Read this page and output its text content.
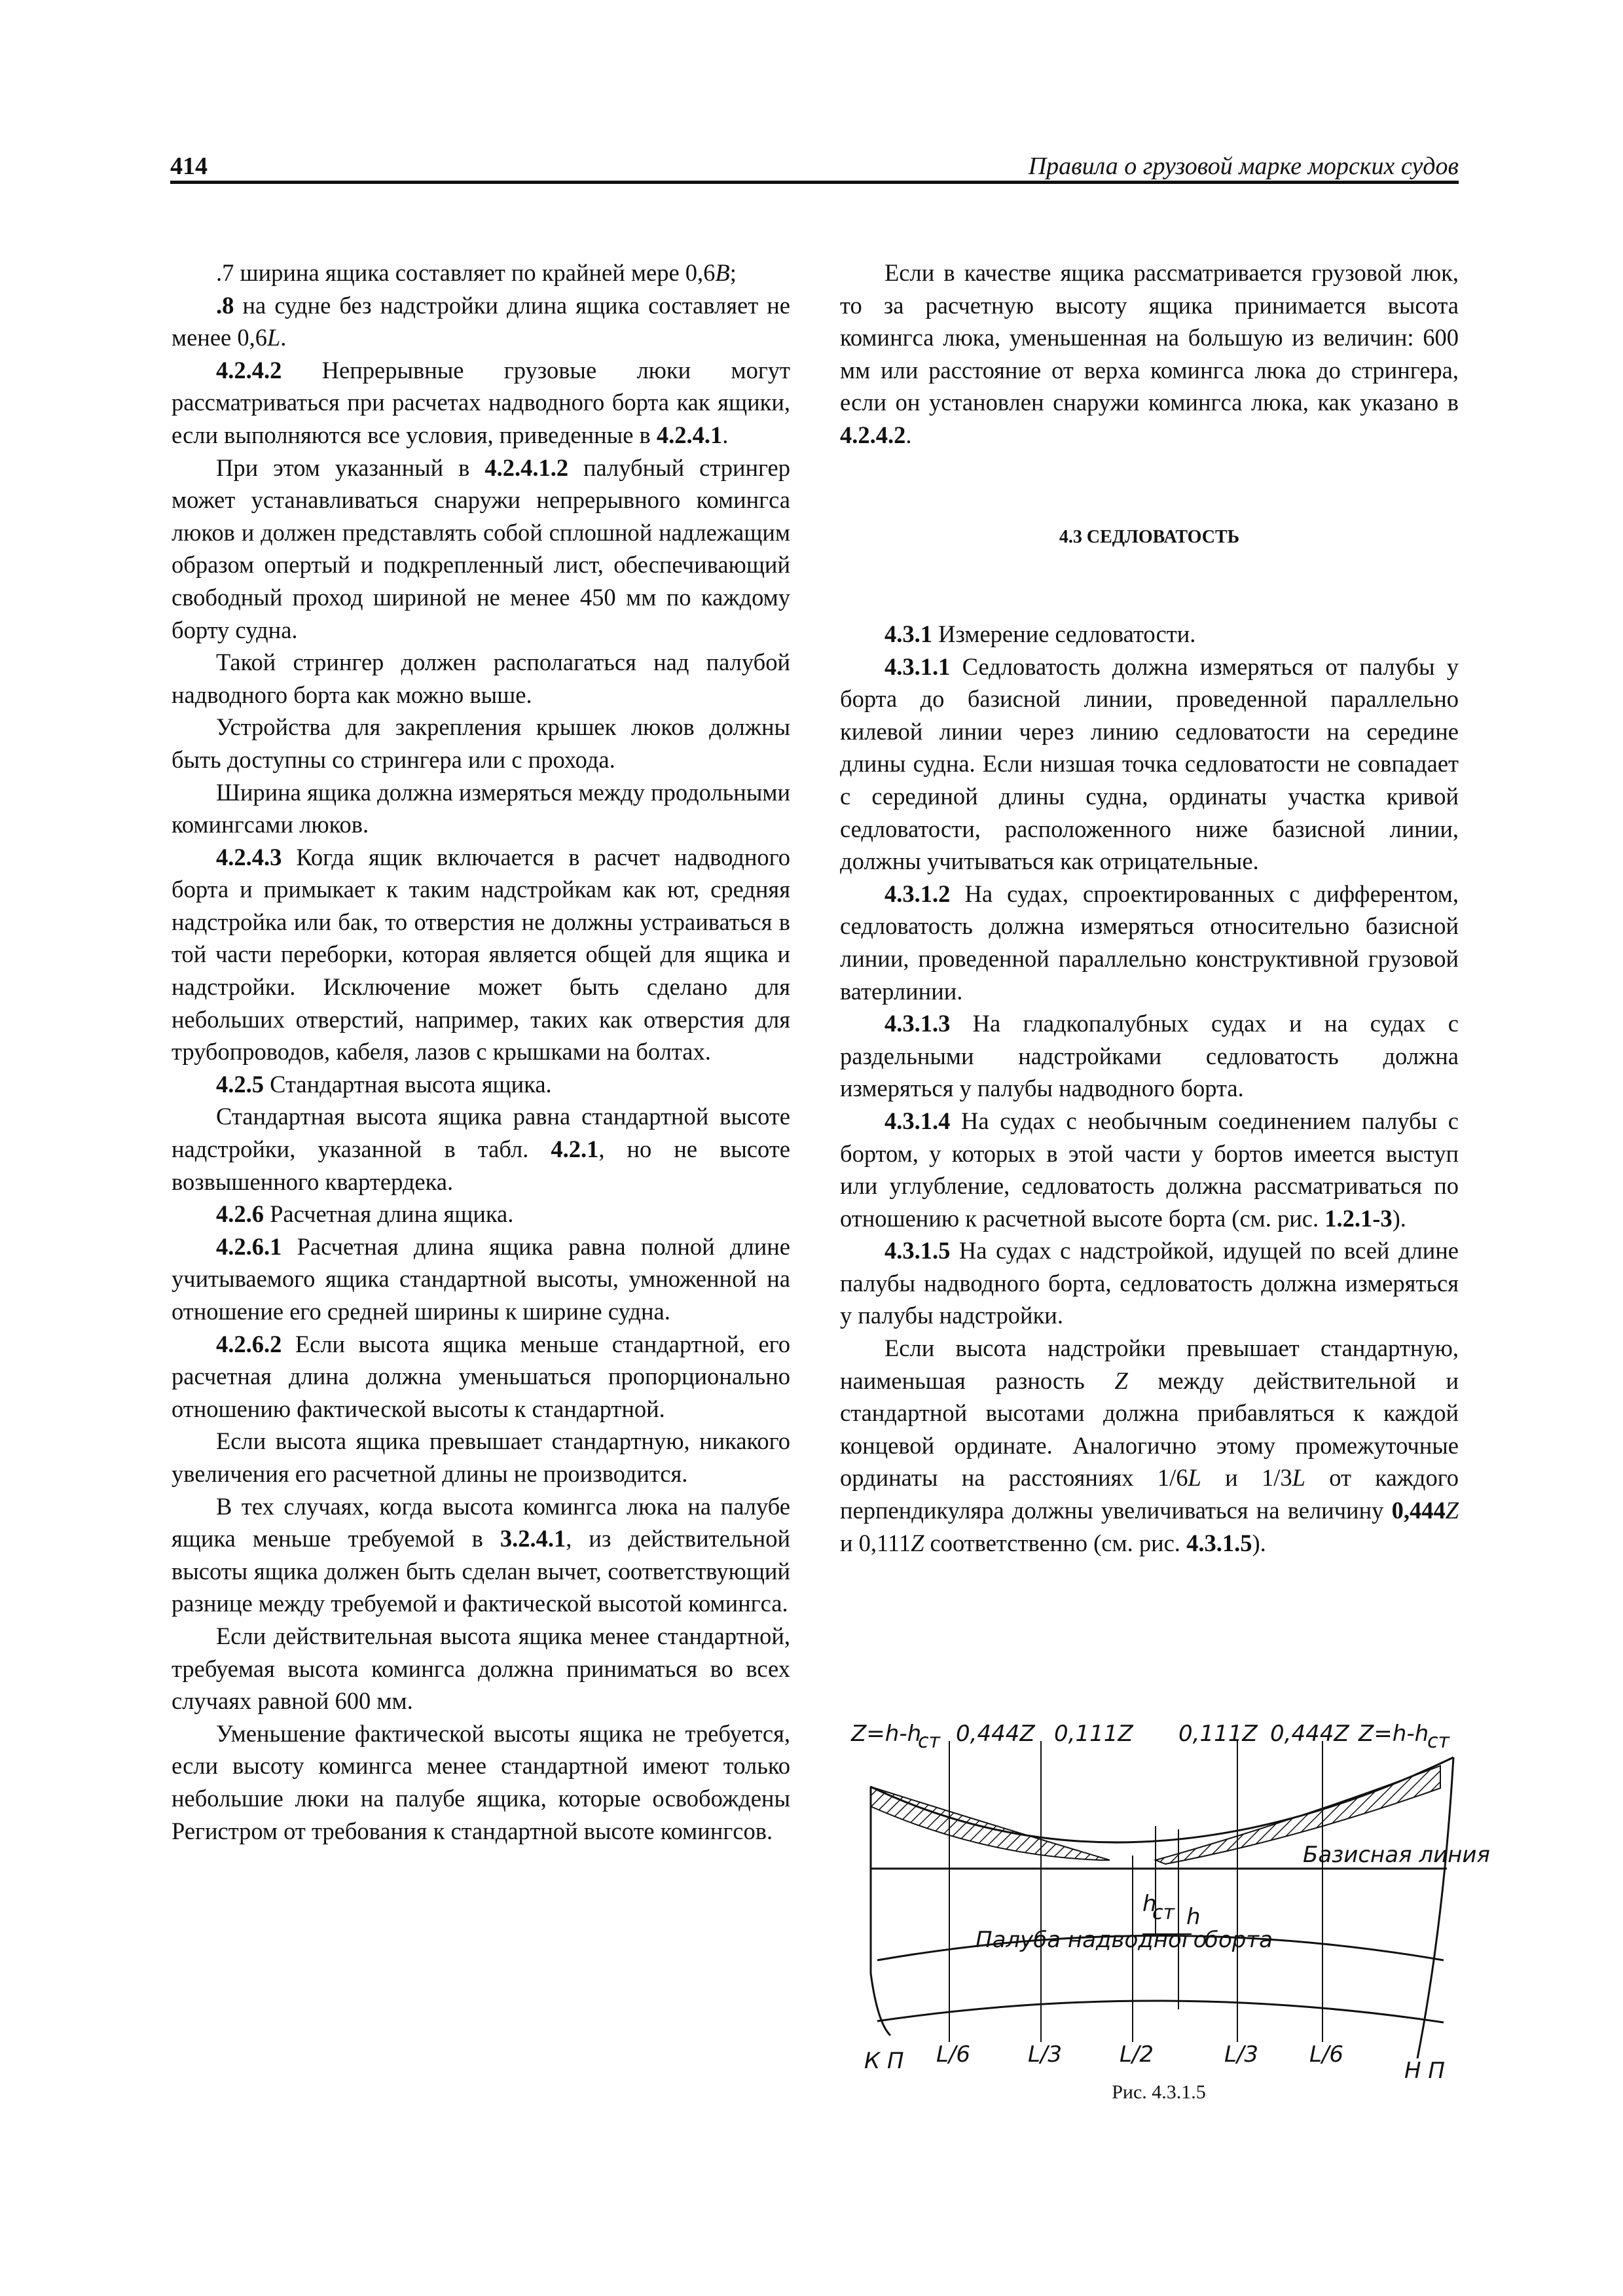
414	Правила о грузовой марке морских судов

.7 ширина ящика составляет по крайней мере 0,6B;

.8 на судне без надстройки длина ящика составляет не менее 0,6L.

4.2.4.2 Непрерывные грузовые люки могут рассматриваться при расчетах надводного борта как ящики, если выполняются все условия, приведенные в 4.2.4.1.

При этом указанный в 4.2.4.1.2 палубный стрингер может устанавливаться снаружи непрерывного комингса люков и должен представлять собой сплошной надлежащим образом опертый и подкрепленный лист, обеспечивающий свободный проход шириной не менее 450 мм по каждому борту судна.

Такой стрингер должен располагаться над палубой надводного борта как можно выше.

Устройства для закрепления крышек люков должны быть доступны со стрингера или с прохода.

Ширина ящика должна измеряться между продольными комингсами люков.

4.2.4.3 Когда ящик включается в расчет надводного борта и примыкает к таким надстройкам как ют, средняя надстройка или бак, то отверстия не должны устраиваться в той части переборки, которая является общей для ящика и надстройки. Исключение может быть сделано для небольших отверстий, например, таких как отверстия для трубопроводов, кабеля, лазов с крышками на болтах.

4.2.5 Стандартная высота ящика.

Стандартная высота ящика равна стандартной высоте надстройки, указанной в табл. 4.2.1, но не высоте возвышенного квартердека.

4.2.6 Расчетная длина ящика.

4.2.6.1 Расчетная длина ящика равна полной длине учитываемого ящика стандартной высоты, умноженной на отношение его средней ширины к ширине судна.

4.2.6.2 Если высота ящика меньше стандартной, его расчетная длина должна уменьшаться пропорционально отношению фактической высоты к стандартной.

Если высота ящика превышает стандартную, никакого увеличения его расчетной длины не производится.

В тех случаях, когда высота комингса люка на палубе ящика меньше требуемой в 3.2.4.1, из действительной высоты ящика должен быть сделан вычет, соответствующий разнице между требуемой и фактической высотой комингса.

Если действительная высота ящика менее стандартной, требуемая высота комингса должна приниматься во всех случаях равной 600 мм.

Уменьшение фактической высоты ящика не требуется, если высоту комингса менее стандартной имеют только небольшие люки на палубе ящика, которые освобождены Регистром от требования к стандартной высоте комингсов.

Если в качестве ящика рассматривается грузовой люк, то за расчетную высоту ящика принимается высота комингса люка, уменьшенная на большую из величин: 600 мм или расстояние от верха комингса люка до стрингера, если он установлен снаружи комингса люка, как указано в 4.2.4.2.

4.3 СЕДЛОВАТОСТЬ

4.3.1 Измерение седловатости.

4.3.1.1 Седловатость должна измеряться от палубы у борта до базисной линии, проведенной параллельно килевой линии через линию седловатости на середине длины судна. Если низшая точка седловатости не совпадает с серединой длины судна, ординаты участка кривой седловатости, расположенного ниже базисной линии, должны учитываться как отрицательные.

4.3.1.2 На судах, спроектированных с дифферентом, седловатость должна измеряться относительно базисной линии, проведенной параллельно конструктивной грузовой ватерлинии.

4.3.1.3 На гладкопалубных судах и на судах с раздельными надстройками седловатость должна измеряться у палубы надводного борта.

4.3.1.4 На судах с необычным соединением палубы с бортом, у которых в этой части у бортов имеется выступ или углубление, седловатость должна рассматриваться по отношению к расчетной высоте борта (см. рис. 1.2.1-3).

4.3.1.5 На судах с надстройкой, идущей по всей длине палубы надводного борта, седловатость должна измеряться у палубы надстройки.

Если высота надстройки превышает стандартную, наименьшая разность Z между действительной и стандартной высотами должна прибавляться к каждой концевой ординате. Аналогично этому промежуточные ординаты на расстояниях 1/6L и 1/3L от каждого перпендикуляра должны увеличиваться на величину 0,444Z и 0,111Z соответственно (см. рис. 4.3.1.5).

Z=h-h
ст 0,444Z 0,111Z 0,111Z 0,444Z Z=h-h
ст
Базисная линия
Палуба надводного
борта
h
ст h
К П L/6	L/3	L/2	L/3 L/6
Н П
Рис. 4.3.1.5
